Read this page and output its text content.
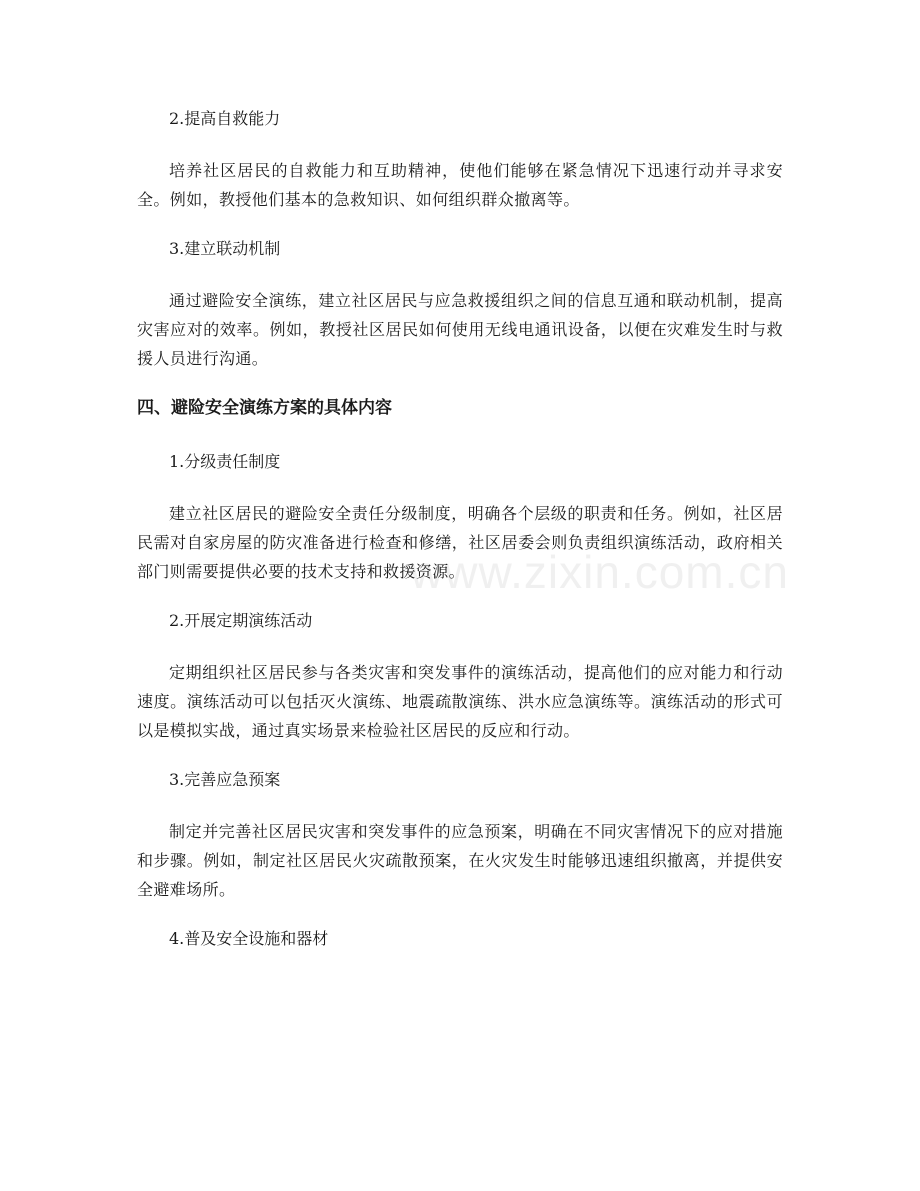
www.zixin.com.cn

2.提高自救能力

培养社区居民的自救能力和互助精神，使他们能够在紧急情况下迅速行动并寻求安全。例如，教授他们基本的急救知识、如何组织群众撤离等。

3.建立联动机制

通过避险安全演练，建立社区居民与应急救援组织之间的信息互通和联动机制，提高灾害应对的效率。例如，教授社区居民如何使用无线电通讯设备，以便在灾难发生时与救援人员进行沟通。

四、避险安全演练方案的具体内容

1.分级责任制度

建立社区居民的避险安全责任分级制度，明确各个层级的职责和任务。例如，社区居民需对自家房屋的防灾准备进行检查和修缮，社区居委会则负责组织演练活动，政府相关部门则需要提供必要的技术支持和救援资源。

2.开展定期演练活动

定期组织社区居民参与各类灾害和突发事件的演练活动，提高他们的应对能力和行动速度。演练活动可以包括灭火演练、地震疏散演练、洪水应急演练等。演练活动的形式可以是模拟实战，通过真实场景来检验社区居民的反应和行动。

3.完善应急预案

制定并完善社区居民灾害和突发事件的应急预案，明确在不同灾害情况下的应对措施和步骤。例如，制定社区居民火灾疏散预案，在火灾发生时能够迅速组织撤离，并提供安全避难场所。

4.普及安全设施和器材
